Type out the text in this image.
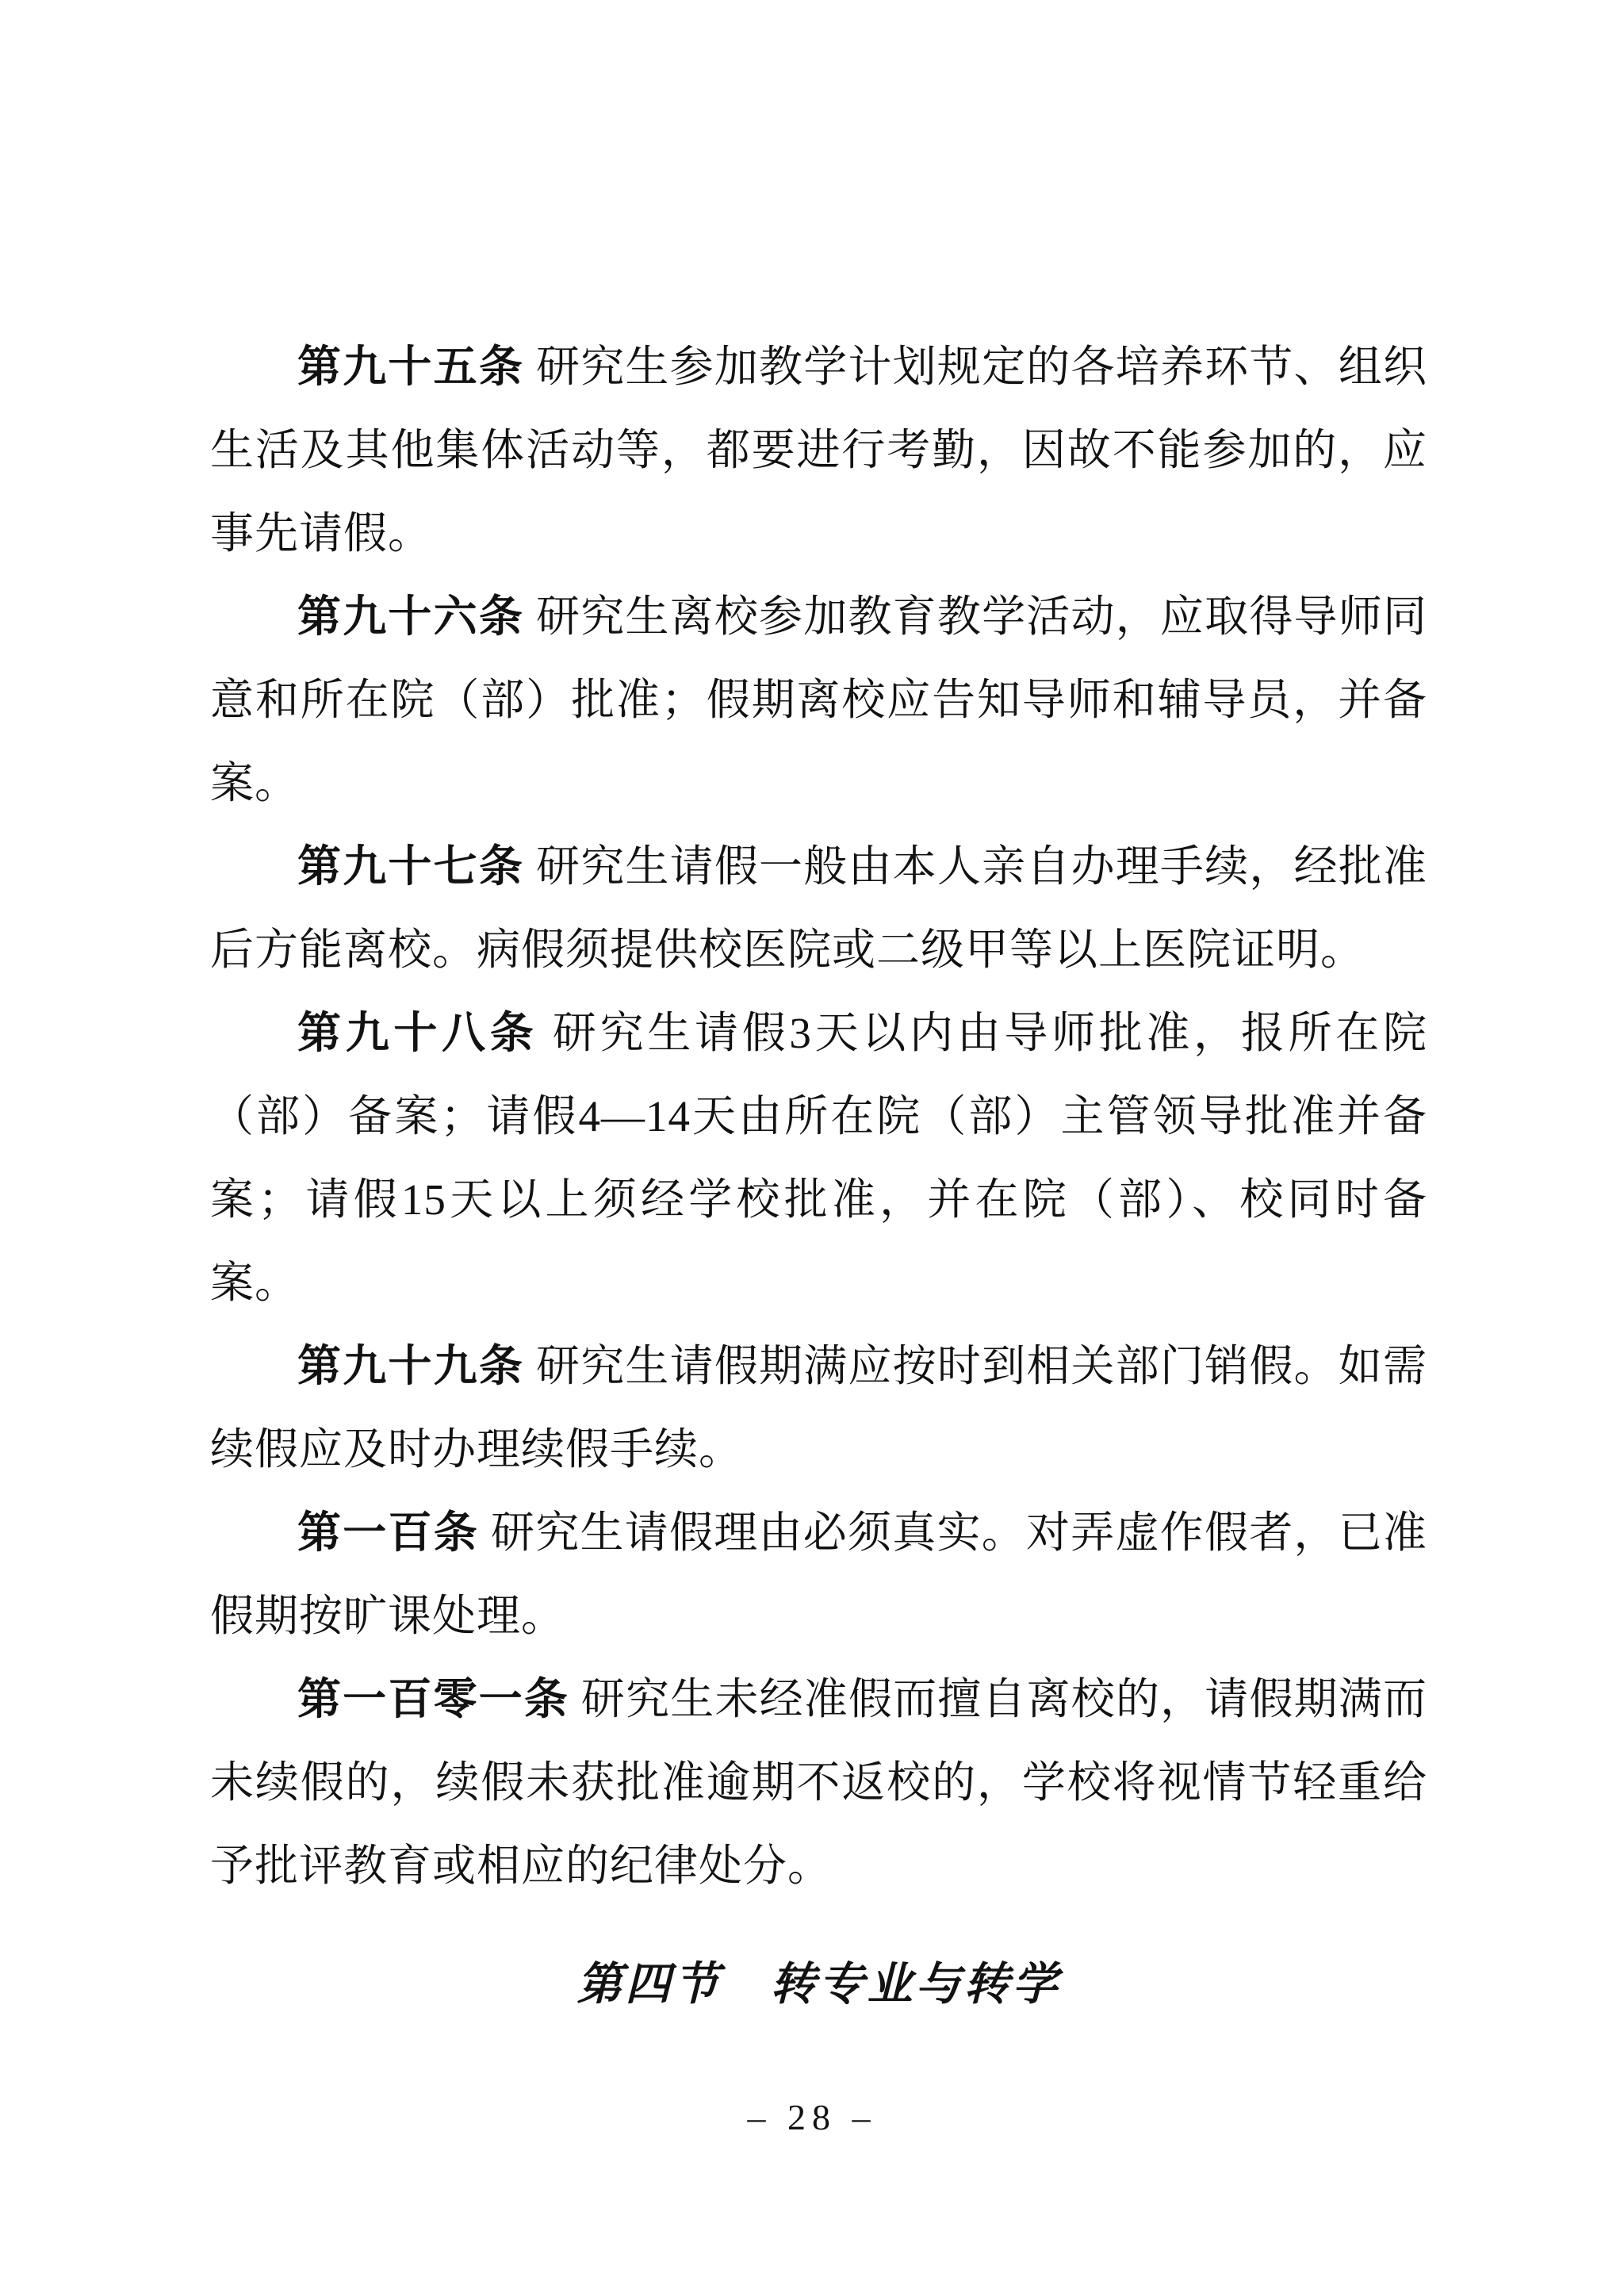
第九十五条 研究生参加教学计划规定的各培养环节、组织生活及其他集体活动等，都要进行考勤，因故不能参加的，应事先请假。

第九十六条 研究生离校参加教育教学活动，应取得导师同意和所在院（部）批准；假期离校应告知导师和辅导员，并备案。

第九十七条 研究生请假一般由本人亲自办理手续，经批准后方能离校。病假须提供校医院或二级甲等以上医院证明。

第九十八条 研究生请假3天以内由导师批准，报所在院（部）备案；请假4—14天由所在院（部）主管领导批准并备案；请假15天以上须经学校批准，并在院（部）、校同时备案。

第九十九条 研究生请假期满应按时到相关部门销假。如需续假应及时办理续假手续。

第一百条 研究生请假理由必须真实。对弄虚作假者，已准假期按旷课处理。

第一百零一条 研究生未经准假而擅自离校的，请假期满而未续假的，续假未获批准逾期不返校的，学校将视情节轻重给予批评教育或相应的纪律处分。

第四节　转专业与转学

– 28 –
